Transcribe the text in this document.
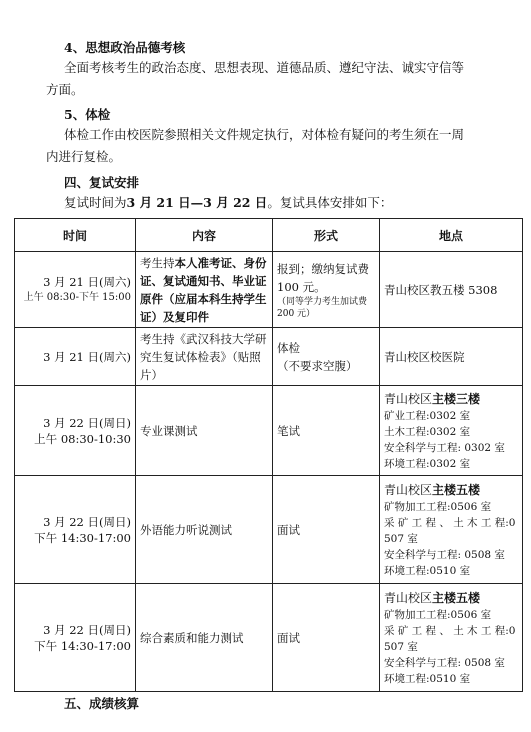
4、思想政治品德考核
全面考核考生的政治态度、思想表现、道德品质、遵纪守法、诚实守信等
方面。
5、体检
体检工作由校医院参照相关文件规定执行，对体检有疑问的考生须在一周
内进行复检。
四、复试安排
复试时间为3 月 21 日—3 月 22 日。复试具体安排如下：
时间	内容	形式	地点

3 月 21 日(周六)
上午 08:30-下午 15:00	考生持本人准考证、身份证、复试通知书、毕业证原件（应届本科生持学生证）及复印件	报到；缴纳复试费 100 元。
（同等学力考生加试费 200 元）	青山校区教五楼 5308
3 月 21 日(周六)	考生持《武汉科技大学研究生复试体检表》（贴照片）	体检
（不要求空腹）	青山校区校医院

3 月 22 日(周日)
上午 08:30-10:30	专业课测试	笔试	青山校区主楼三楼
矿业工程:0302 室
土木工程:0302 室
安全科学与工程: 0302 室
环境工程:0302 室

3 月 22 日(周日)
下午 14:30-17:00	外语能力听说测试	面试	青山校区主楼五楼
矿物加工工程:0506 室
采 矿 工 程 、 土 木 工 程:0507 室
安全科学与工程: 0508 室
环境工程:0510 室

3 月 22 日(周日)
下午 14:30-17:00	综合素质和能力测试	面试	青山校区主楼五楼
矿物加工工程:0506 室
采 矿 工 程 、 土 木 工 程:0507 室
安全科学与工程: 0508 室
环境工程:0510 室
五、成绩核算
